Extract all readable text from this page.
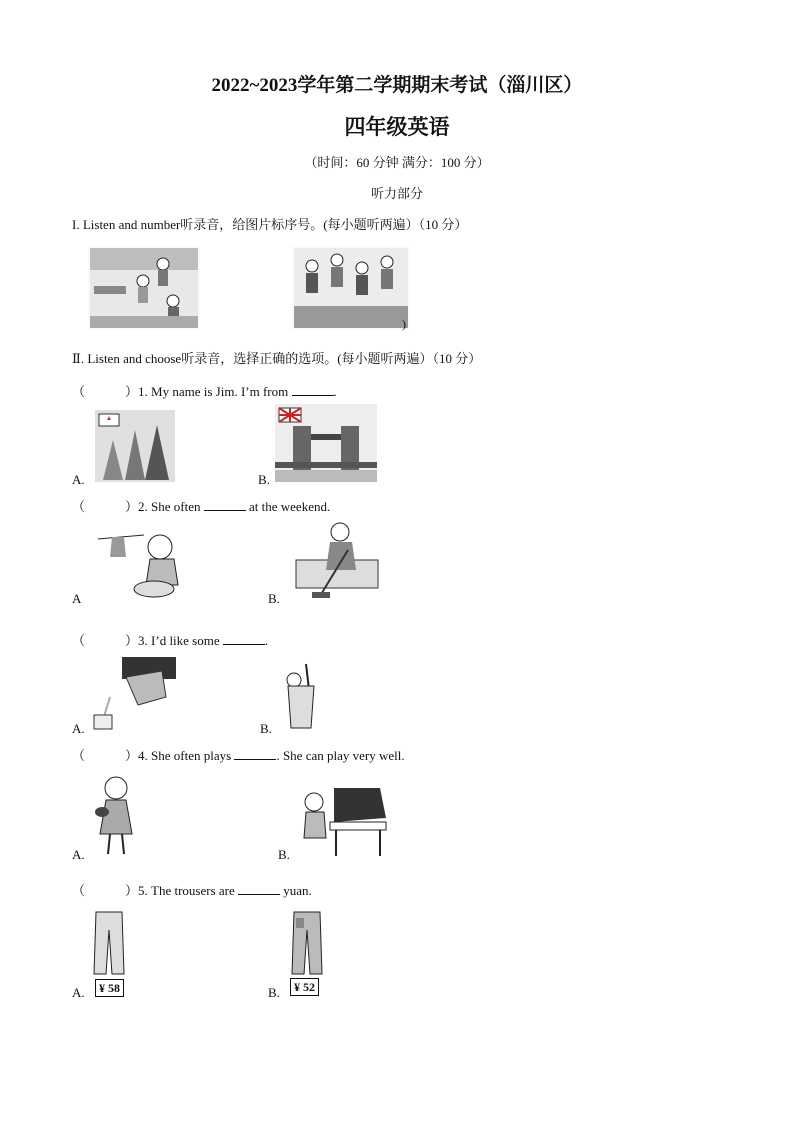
2022~2023学年第二学期期末考试（淄川区）
四年级英语
（时间：60 分钟 满分：100 分）
听力部分
I. Listen and number听录音，给图片标序号。(每小题听两遍）（10 分）
)
Ⅱ. Listen and choose听录音，选择正确的选项。(每小题听两遍）（10 分）
（	）1. My name is Jim. I’m from	.
A.	B.
（	）2. She often	at the weekend.
A	B.
（	）3. I’d like some	.
A.	B.
（	）4. She often plays	. She can play very well.
A.	B.
（	）5. The trousers are	yuan.
¥ 58
A.	¥ 52
B.
